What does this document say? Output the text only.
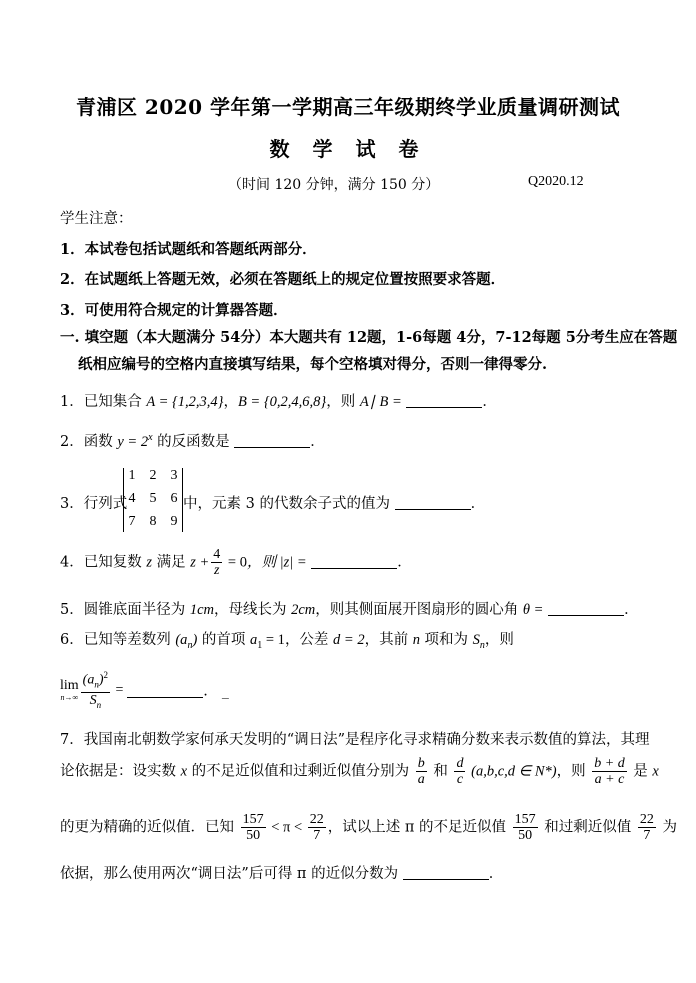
青浦区 2020 学年第一学期高三年级期终学业质量调研测试
数 学 试 卷
（时间 120 分钟，满分 150 分）	Q2020.12
学生注意：
1．本试卷包括试题纸和答题纸两部分．
2．在试题纸上答题无效，必须在答题纸上的规定位置按照要求答题．
3．可使用符合规定的计算器答题．
一. 填空题（本大题满分 54分）本大题共有 12题，1-6每题 4分，7-12每题 5分考生应在答题
纸相应编号的空格内直接填写结果，每个空格填对得分，否则一律得零分.
1．已知集合 A = {1,2,3,4}，B = {0,2,4,6,8}，则 A∣ B =	．
2．函数 $y = 2^x$ 的反函数是	．
3．行列式
1 2 3
4 5 6
7 8 9
中，元素 3 的代数余子式的值为	．
4．已知复数 z 满足 $z + \frac{4}{z} = 0$，则 |z| =	．
5．圆锥底面半径为 1cm，母线长为 2cm，则其侧面展开图扇形的圆心角 θ =	．
6．已知等差数列 $(a_n)$ 的首项 $a_1 = 1$，公差 d = 2，其前 n 项和为 $S_n$，则
lim
$n\to\infty \frac{(a_n)^2}{S_n}$ =	． _
7．我国南北朝数学家何承天发明的“调日法”是程序化寻求精确分数来表示数值的算法，其理
论依据是：设实数 x 的不足近似值和过剩近似值分别为 $\frac{b}{a}$ 和 $\frac{d}{c} (a,b,c,d$ ∈ N*)，则 $\frac{b + d}{a + c}$ 是 x
的更为精确的近似值．已知 $\frac{157}{50} < \pi < \frac{22}{7}$ ，试以上述 π 的不足近似值 $\frac{157}{50}$ 和过剩近似值 $\frac{22}{7}$ 为
依据，那么使用两次“调日法”后可得 π 的近似分数为	．
